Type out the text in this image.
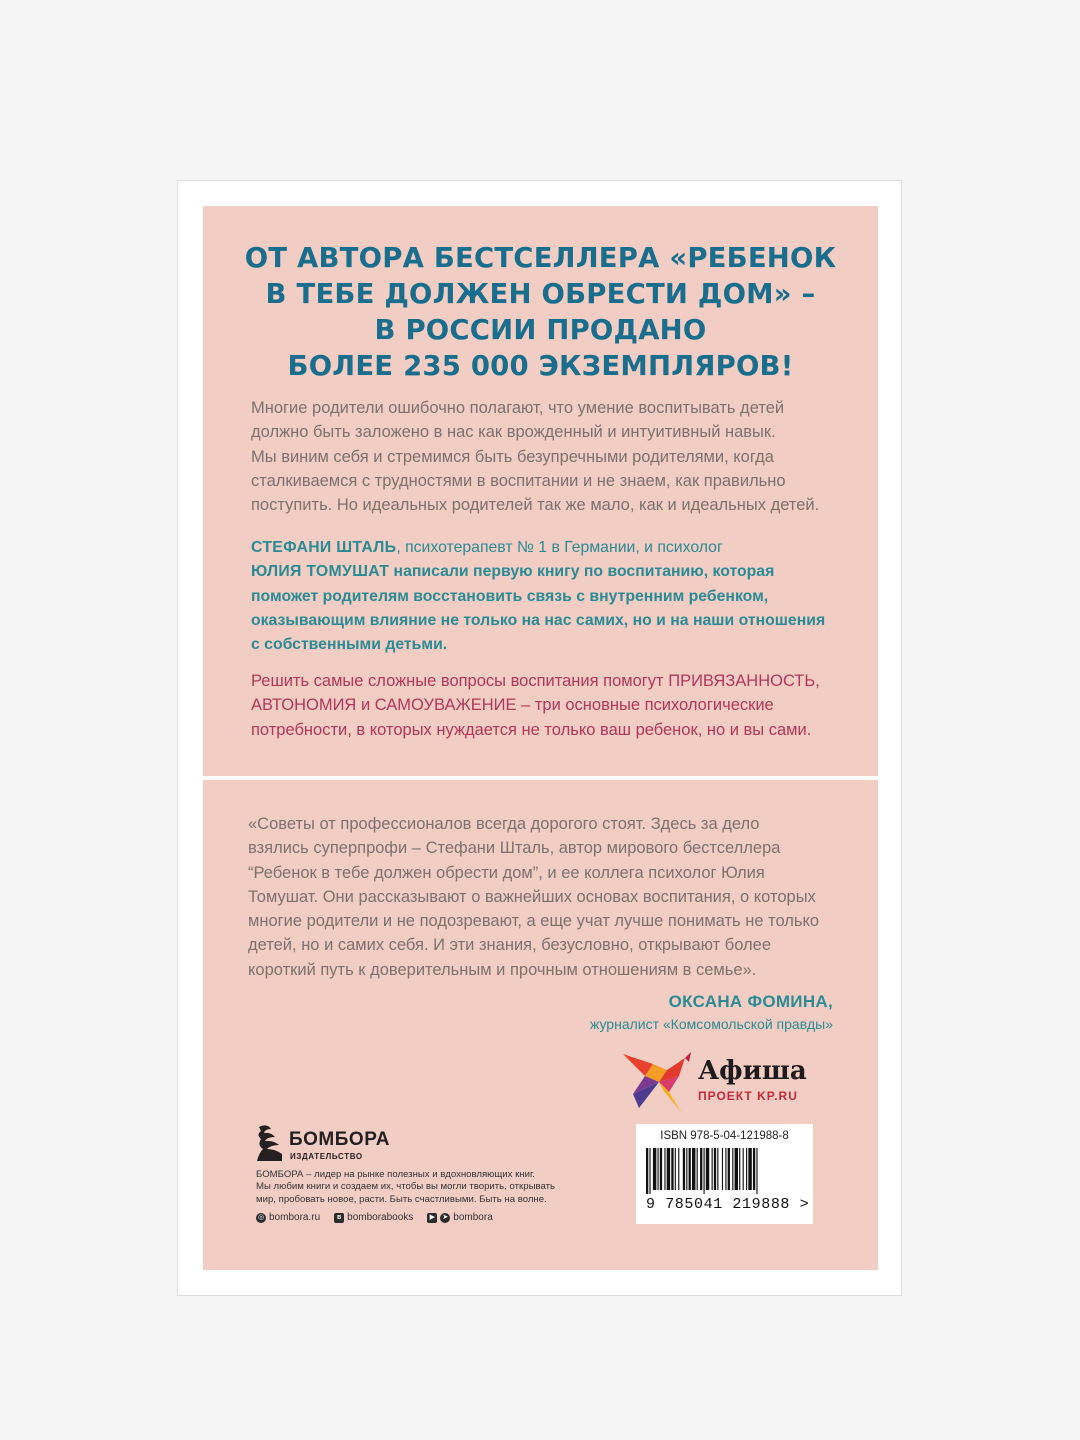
ОТ АВТОРА БЕСТСЕЛЛЕРА «РЕБЕНОК
В ТЕБЕ ДОЛЖЕН ОБРЕСТИ ДОМ» –
В РОССИИ ПРОДАНО
БОЛЕЕ 235 000 ЭКЗЕМПЛЯРОВ!
Многие родители ошибочно полагают, что умение воспитывать детей
должно быть заложено в нас как врожденный и интуитивный навык.
Мы виним себя и стремимся быть безупречными родителями, когда
сталкиваемся с трудностями в воспитании и не знаем, как правильно
поступить. Но идеальных родителей так же мало, как и идеальных детей.
СТЕФАНИ ШТАЛЬ, психотерапевт № 1 в Германии, и психолог
ЮЛИЯ ТОМУШАТ написали первую книгу по воспитанию, которая
поможет родителям восстановить связь с внутренним ребенком,
оказывающим влияние не только на нас самих, но и на наши отношения
с собственными детьми.
Решить самые сложные вопросы воспитания помогут ПРИВЯЗАННОСТЬ,
АВТОНОМИЯ и САМОУВАЖЕНИЕ – три основные психологические
потребности, в которых нуждается не только ваш ребенок, но и вы сами.
«Советы от профессионалов всегда дорогого стоят. Здесь за дело
взялись суперпрофи – Стефани Шталь, автор мирового бестселлера
“Ребенок в тебе должен обрести дом”, и ее коллега психолог Юлия
Томушат. Они рассказывают о важнейших основах воспитания, о которых
многие родители и не подозревают, а еще учат лучше понимать не только
детей, но и самих себя. И эти знания, безусловно, открывают более
короткий путь к доверительным и прочным отношениям в семье».
ОКСАНА ФОМИНА,
журналист «Комсомольской правды»
Афиша
ПРОЕКТ KP.RU
БОМБОРА
ИЗДАТЕЛЬСТВО
БОМБОРА – лидер на рынке полезных и вдохновляющих книг.
Мы любим книги и создаем их, чтобы вы могли творить, открывать
мир, пробовать новое, расти. Быть счастливыми. Быть на волне.
◎ bombora.ru	в bomborabooks	▶	➤ bombora
ISBN 978-5-04-121988-8
9 785041 219888 >
